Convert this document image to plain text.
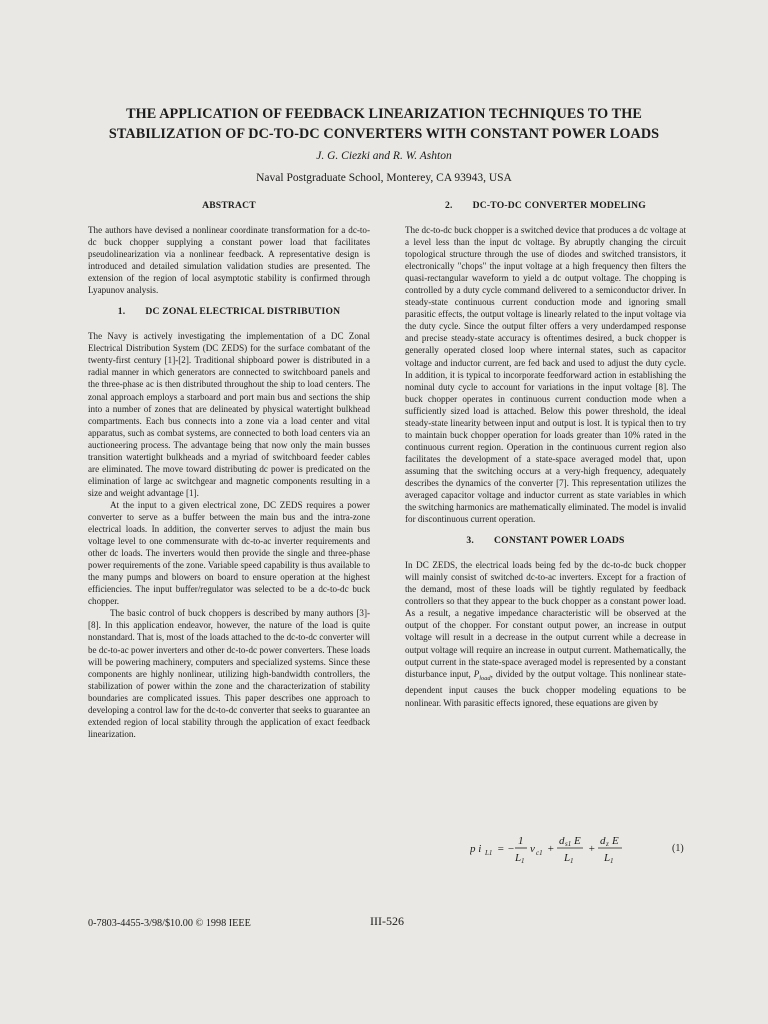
THE APPLICATION OF FEEDBACK LINEARIZATION TECHNIQUES TO THE
STABILIZATION OF DC-TO-DC CONVERTERS WITH CONSTANT POWER LOADS
J. G. Ciezki and R. W. Ashton
Naval Postgraduate School, Monterey, CA 93943, USA
ABSTRACT

The authors have devised a nonlinear coordinate transformation for a dc-to-dc buck chopper supplying a constant power load that facilitates pseudolinearization via a nonlinear feedback. A representative design is introduced and detailed simulation validation studies are presented. The extension of the region of local asymptotic stability is confirmed through Lyapunov analysis.

1. DC ZONAL ELECTRICAL DISTRIBUTION

The Navy is actively investigating the implementation of a DC Zonal Electrical Distribution System (DC ZEDS) for the surface combatant of the twenty-first century [1]-[2]. Traditional shipboard power is distributed in a radial manner in which generators are connected to switchboard panels and the three-phase ac is then distributed throughout the ship to load centers. The zonal approach employs a starboard and port main bus and sections the ship into a number of zones that are delineated by physical watertight bulkhead compartments. Each bus connects into a zone via a load center and vital apparatus, such as combat systems, are connected to both load centers via an auctioneering process. The advantage being that now only the main busses transition watertight bulkheads and a myriad of switchboard feeder cables are eliminated. The move toward distributing dc power is predicated on the elimination of large ac switchgear and magnetic components resulting in a size and weight advantage [1].

At the input to a given electrical zone, DC ZEDS requires a power converter to serve as a buffer between the main bus and the intra-zone electrical loads. In addition, the converter serves to adjust the main bus voltage level to one commensurate with dc-to-ac inverter requirements and other dc loads. The inverters would then provide the single and three-phase power requirements of the zone. Variable speed capability is thus available to the many pumps and blowers on board to ensure operation at the highest efficiencies. The input buffer/regulator was selected to be a dc-to-dc buck chopper.

The basic control of buck choppers is described by many authors [3]-[8]. In this application endeavor, however, the nature of the load is quite nonstandard. That is, most of the loads attached to the dc-to-dc converter will be dc-to-ac power inverters and other dc-to-dc power converters. These loads will be powering machinery, computers and specialized systems. Since these components are highly nonlinear, utilizing high-bandwidth controllers, the stabilization of power within the zone and the characterization of stability boundaries are complicated issues. This paper describes one approach to developing a control law for the dc-to-dc converter that seeks to guarantee an extended region of local stability through the application of exact feedback linearization.

2. DC-TO-DC CONVERTER MODELING

The dc-to-dc buck chopper is a switched device that produces a dc voltage at a level less than the input dc voltage. By abruptly changing the circuit topological structure through the use of diodes and switched transistors, it electronically "chops" the input voltage at a high frequency then filters the quasi-rectangular waveform to yield a dc output voltage. The chopping is controlled by a duty cycle command delivered to a semiconductor driver. In steady-state continuous current conduction mode and ignoring small parasitic effects, the output voltage is linearly related to the input voltage via the duty cycle. Since the output filter offers a very underdamped response and precise steady-state accuracy is oftentimes desired, a buck chopper is generally operated closed loop where internal states, such as capacitor voltage and inductor current, are fed back and used to adjust the duty cycle. In addition, it is typical to incorporate feedforward action in establishing the nominal duty cycle to account for variations in the input voltage [8]. The buck chopper operates in continuous current conduction mode when a sufficiently sized load is attached. Below this power threshold, the ideal steady-state linearity between input and output is lost. It is typical then to try to maintain buck chopper operation for loads greater than 10% rated in the continuous current region. Operation in the continuous current region also facilitates the development of a state-space averaged model that, upon assuming that the switching occurs at a very-high frequency, adequately describes the dynamics of the converter [7]. This representation utilizes the averaged capacitor voltage and inductor current as state variables in which the switching harmonics are mathematically eliminated. The model is invalid for discontinuous current operation.

3. CONSTANT POWER LOADS

In DC ZEDS, the electrical loads being fed by the dc-to-dc buck chopper will mainly consist of switched dc-to-ac inverters. Except for a fraction of the demand, most of these loads will be tightly regulated by feedback controllers so that they appear to the buck chopper as a constant power load. As a result, a negative impedance characteristic will be observed at the output of the chopper. For constant output power, an increase in output voltage will result in a decrease in the output current while a decrease in output voltage will require an increase in output current. Mathematically, the output current in the state-space averaged model is represented by a constant disturbance input, $P_{load}$, divided by the output voltage. This nonlinear state-dependent input causes the buck chopper modeling equations to be nonlinear. With parasitic effects ignored, these equations are given by

p i L1 = −
1
L 1
v c1 +
d s1 E
L 1
+
d z E
L 1
(1)
0-7803-4455-3/98/$10.00 © 1998 IEEE	III-526
